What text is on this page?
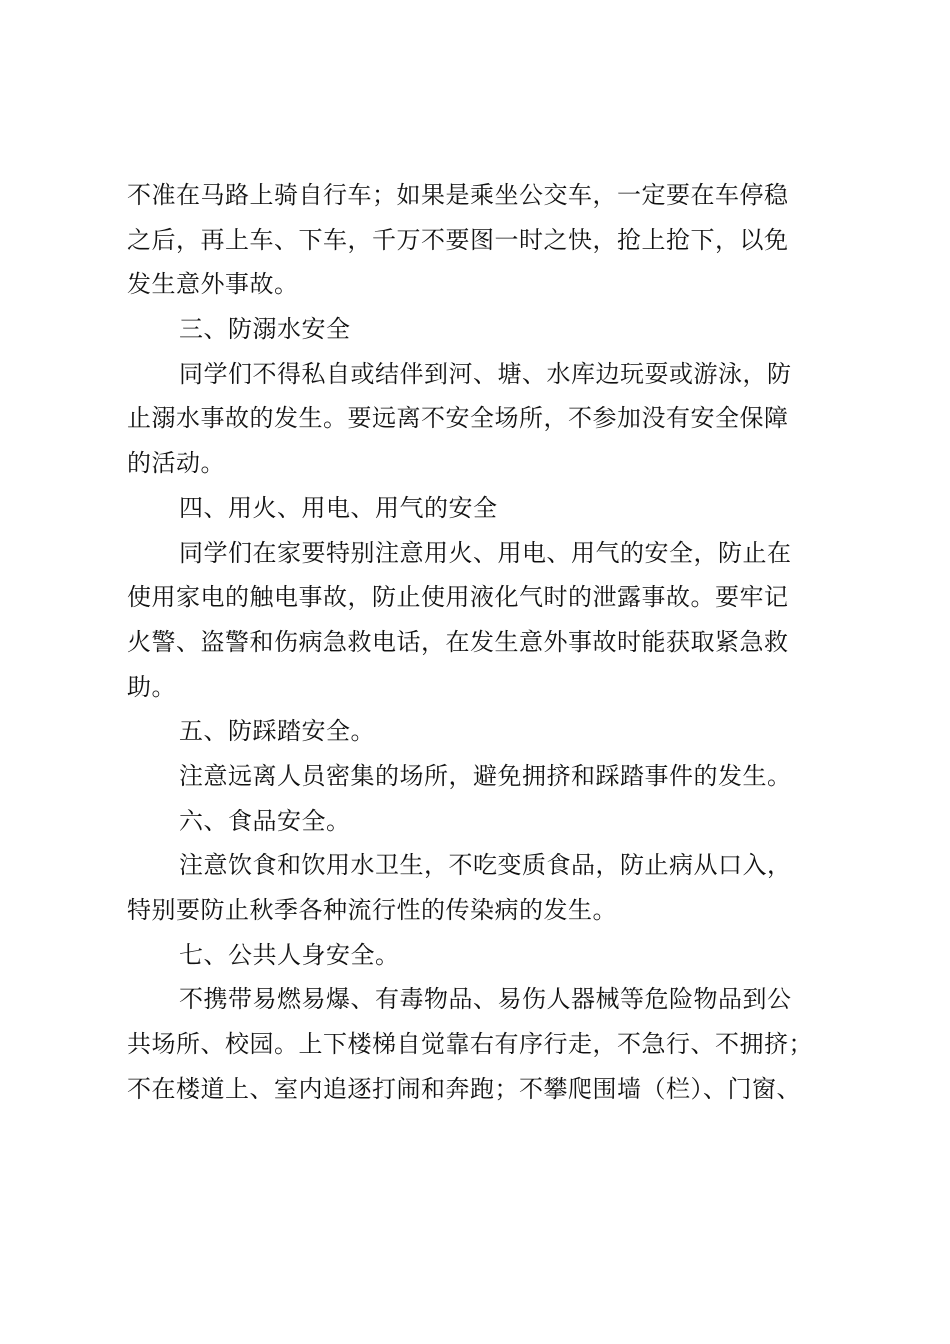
不准在马路上骑自行车；如果是乘坐公交车，一定要在车停稳
之后，再上车、下车，千万不要图一时之快，抢上抢下，以免
发生意外事故。
三、防溺水安全
同学们不得私自或结伴到河、塘、水库边玩耍或游泳，防
止溺水事故的发生。要远离不安全场所，不参加没有安全保障
的活动。
四、用火、用电、用气的安全
同学们在家要特别注意用火、用电、用气的安全，防止在
使用家电的触电事故，防止使用液化气时的泄露事故。要牢记
火警、盗警和伤病急救电话，在发生意外事故时能获取紧急救
助。
五、防踩踏安全。
注意远离人员密集的场所，避免拥挤和踩踏事件的发生。
六、食品安全。
注意饮食和饮用水卫生，不吃变质食品，防止病从口入，
特别要防止秋季各种流行性的传染病的发生。
七、公共人身安全。
不携带易燃易爆、有毒物品、易伤人器械等危险物品到公
共场所、校园。上下楼梯自觉靠右有序行走，不急行、不拥挤；
不在楼道上、室内追逐打闹和奔跑；不攀爬围墙（栏）、门窗、
